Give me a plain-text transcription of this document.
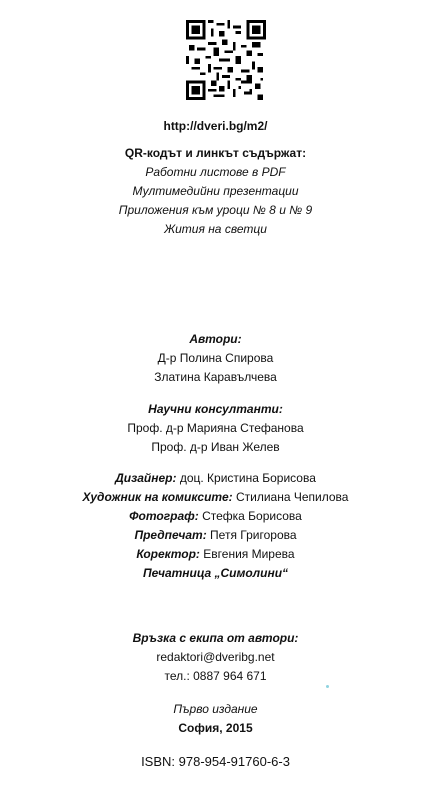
http://dveri.bg/m2/
QR-кодът и линкът съдържат:
Работни листове в PDF
Мултимедийни презентации
Приложения към уроци № 8 и № 9
Жития на светци
Автори:
Д-р Полина Спирова
Златина Каравълчева
Научни консултанти:
Проф. д-р Марияна Стефанова
Проф. д-р Иван Желев
Дизайнер: доц. Кристина Борисова
Художник на комиксите: Стилиана Чепилова
Фотограф: Стефка Борисова
Предпечат: Петя Григорова
Коректор: Евгения Мирева
Печатница „Симолини“
Връзка с екипа от автори:
redaktori@dveribg.net
тел.: 0887 964 671
Първо издание
София, 2015
ISBN: 978-954-91760-6-3
